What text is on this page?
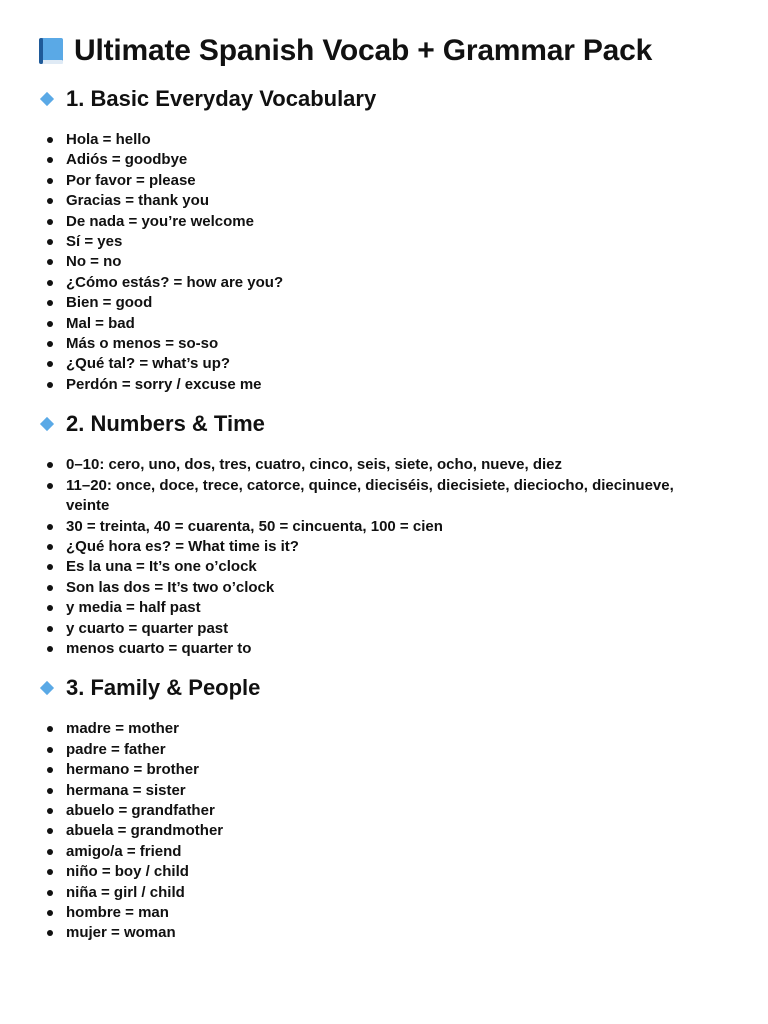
Ultimate Spanish Vocab + Grammar Pack
1. Basic Everyday Vocabulary
Hola = hello
Adiós = goodbye
Por favor = please
Gracias = thank you
De nada = you’re welcome
Sí = yes
No = no
¿Cómo estás? = how are you?
Bien = good
Mal = bad
Más o menos = so-so
¿Qué tal? = what’s up?
Perdón = sorry / excuse me
2. Numbers & Time
0–10: cero, uno, dos, tres, cuatro, cinco, seis, siete, ocho, nueve, diez
11–20: once, doce, trece, catorce, quince, dieciséis, diecisiete, dieciocho, diecinueve, veinte
30 = treinta, 40 = cuarenta, 50 = cincuenta, 100 = cien
¿Qué hora es? = What time is it?
Es la una = It’s one o’clock
Son las dos = It’s two o’clock
y media = half past
y cuarto = quarter past
menos cuarto = quarter to
3. Family & People
madre = mother
padre = father
hermano = brother
hermana = sister
abuelo = grandfather
abuela = grandmother
amigo/a = friend
niño = boy / child
niña = girl / child
hombre = man
mujer = woman
